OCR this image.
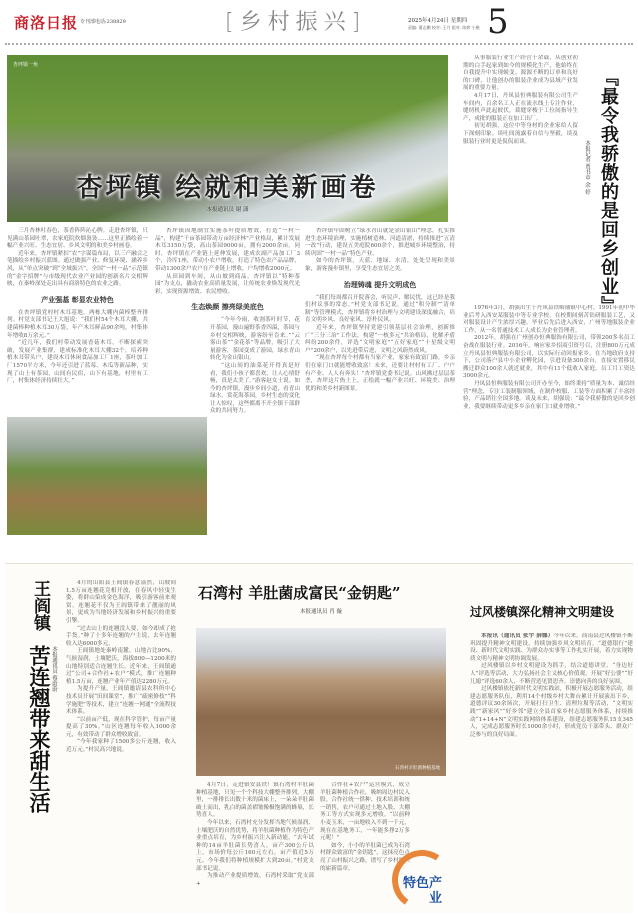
商洛日报 专刊部电话:238829	[乡村振兴]	2025年4月24日 星期四
责编: 董志鹏 校对: 王月 组对: 陈婷 小楷 5
杏坪镇一角
杏坪镇 绘就和美新画卷
本报通讯员 谢 潇

三月杏林吐春色，茶香阵阵沁心脾。走进杏坪镇，只见满山茶园吐翠，农家庭院炊烟袅袅……这里正描绘着一幅产业兴旺、生态宜居、乡风文明的和美乡村画卷。

近年来，杏坪镇紧扣“农”字谋篇布局，以三产融合之笔描绘乡村振兴蓝图。通过做强产业、修复环境、涵养乡风，从“单点突破”到“全域振兴”，全国“一村一品”示范镇的“金字招牌”与市级现代农业产业园的创新名片交相辉映，在秦岭深处走出具有商洛特色的农业之路。

产业强基 彰显农业特色

在杏坪镇党村村木耳基地，两栋大棚内菌棒整齐排列。村党支部书记王大旭说：“我们村54个木耳大棚，共建菌棒种植木耳30万袋，年产木耳鲜品90余吨，村集体年增收8万余元。”

“近几年，我们村带动发展香菇木耳，不断探索突破，发展产业集群，建成标准化木耳大棚32个，培养种植木耳带头户，建设木耳休闲食品加工厂1座，茶叶加工厂1570平方米，今年还引进了蓝莓、木瓜等新品种，实现了山上有茶园，山间有民宿，山下有基地，村里有工厂，村集体经济持续壮大。”

杏坪镇因地制宜实施茶叶提质增效，打造“一村一品”，构建“千亩茶园带动万亩经济林”产业格局，累计发展木耳3150万袋，高山茶园9000亩，拥有2000余亩。同时，杏坪镇在产业链上延伸发展，建成农副产品加工厂3个，冷库1座，带动小农户增收，打造了特色农产品品牌，带动1300余户农户在产业链上增收，户均增收2000元。

从田园到车间，从山坡到商品，杏坪镇以“特种茶园”为支点，撬动农业高质量发展，让传统农业焕发现代光彩，实现资源增效、农民增收。

生态焕颜 擦亮绿美底色

“今年今雨，收割茶叶时节，花开茶园，漫山遍野茶香四溢，茶园与乡村交相辉映，游客纷至沓来。”“云雾山茶”“金花茶”等品牌，吸引了大量游客，茶园变成了游园，绿水青山转化为金山银山。

“这山间的油菜花开得真是好看，我们小孩子都喜欢，让人心情舒畅，真是太美了。”游客赵女士说。如今的杏坪镇，漫步乡间小道，看青山绿水、赏花海茶园，乡村生态的变化让人惊叹，这些都离不开全镇干部群众的共同努力。

杏坪镇牢固树立“绿水青山就是金山银山”理念，扎实推进生态环境治理，实施植树造林、河道清淤，持续推进“五清一改”行动，建设五美庭院600余个，推进城乡环境整治，持续巩固“一村一品”特色产业。

如今的杏坪镇，天蓝、地绿、水清，处处呈现和美景象，游客漫步镇里，享受生态宜居之美。

治理铸魂 提升文明成色

“我们每周都召开院落会，听民声、解民忧，这已经是我们村议事的常态。”村党支部书记说。通过“积分制”“清单制”等管理模式，杏坪镇将乡村治理与文明建设深度融合，培育文明乡风、良好家风、淳朴民风。

近年来，杏坪镇坚持党建引领基层社会治理，创新推广“三分三治”工作法，构建“一核多元”共治格局，化解矛盾纠纷200余件，评选“文明家庭”“五好家庭”“十星级文明户”200余户，以先进带后进，文明之风蔚然成风。

“现在杏坪每个村都有当家产业，家家有致富门路，乡亲们在家门口就能增收致富！未来，还要让村村有工厂、户户有产业、人人有奔头！”杏坪镇党委书记说。山风拂过层层茶垄，杏坪这片热土上，正绘就一幅产业兴旺、环境美、治理优的和美乡村新图景。

从事服装行业生产经营十余载，从创业初期的白手起家到如今的规模化生产，他始终在自我提升中实现蜕变。源源不断的订单和良好的口碑，让他创办的服装企业成为县域产业发展的重要力量。

4月17日，丹凤县恒典服装有限公司生产车间内，百余名工人正在流水线上专注作业，缝纫机声此起彼伏，裁缝穿梭于工位间指导生产，成批的服装正在加工出厂。

初见胡强，这位中等身材的企业家给人留下深刻印象。谈吐间流露着自信与坚毅，谈及服装行业时更是侃侃而谈。	本报记者 贾书章 余 婷 『最令我骄傲的是回乡创业』

1976年3月，胡强出生于丹凤县铁峪铺镇中心村。1991年初中毕业后考入西安某服装中等专业学校，在校期间刻苦钻研服装工艺，又对服装设计产生浓厚兴趣。毕业后先后进入西安、广州等地服装企业工作，从一名普通技术工人成长为企业管理者。

2012年，胡强在广州创办恒典服饰有限公司，带领200多名员工奋战在服装行业。2016年，响应家乡招商引资号召，注册800万元成立丹凤县恒典服装有限公司，以实际行动回报家乡。在当地政府支持下，公司落户县中小企业孵化园，引进设备300余台，直接安置移民搬迁群众100余人就近就业，其中有11个低收入家庭，员工月工资达3000余元。

丹凤县恒典服装有限公司开办至今，始终秉持“质量为本、诚信经营”理念，专注工装制服领域，在制作校服、工装等方面积累了丰富经验，产品销往全国多地。谈及未来，胡强说：“最令我骄傲的是回乡创业，我要继续带动更多乡亲在家门口就业增收。”

王阎镇
苦连翘带来甜生活 本报通讯员 蔡蔚蔚

4月的山阳县王阎镇春意盎然，山坡间1.5万亩连翘花竞相开放，在春风中轻曳生姿，将群山染成金色海洋，吸引游客前来观赏。连翘花不仅为王阎镇带来了靓丽的风景，更成为当地经济发展和乡村振兴的重要引擎。

“过去山上的连翘没人要，如今却成了抢手货。”种了十多年连翘的户主说，去年连翘收入达6000多元。

王阎镇地处秦岭南麓，山地占比90%，气候湿润，土壤肥沃，海拔800—1200米的山地特别适合连翘生长。近年来，王阎镇通过“公司+合作社+农户”模式，推广连翘种植1.5万亩，连翘产业年产值达2280万元。

为提升产量，王阎镇邀请县农科所中心技术员开展“田间课堂”，推广“疏密修枝”“科学施肥”等技术，建立“连翘一网通”全流程技术体系。

“以前亩产低，现在科学管护，每亩产量提高了30%。”山区连翘每年收入1000余元，有效带动了群众增收致富。

“今年我家种了1500多公斤连翘，收入近万元。”村民高兴地说。

石湾村 羊肚菌成富民“金钥匙”
本报通讯员 肖 璇
石湾村羊肚菌种植基地

4月7日，走进镇安县铁厂镇石湾村羊肚菌种植基地，只见一个个科技大棚整齐排列。大棚里，一排排长出数十米的菌床上，一朵朵羊肚菌破土而出，乳白的菌盖褶皱像极饱满的蜂巢，长势喜人。

今年以来，石湾村充分发挥当地气候湿润、土壤肥沃的自然优势，将羊肚菌种植作为特色产业重点培育，为乡村振兴注入新动能。“去年试种的14亩羊肚菌长势喜人，亩产300公斤以上，市场价每公斤160元左右，亩产值近5万元。今年我们将种植规模扩大到20亩。”村党支部书记说。

为推动产业提质增效，石湾村采取“党支部+

合作社+农户”运营模式，成立羊肚菌种植合作社，吸纳周边村民入股。合作社统一供种、技术培训和统一销售，农户可通过土地入股、大棚务工等方式实现多元增收。“以前种小麦玉米，一亩地收入不到一千元，现在在基地务工，一年能多挣2万多元呢！”

如今，小小的羊肚菌已成为石湾村群众致富的“金钥匙”，这抹亮色点亮了山村振兴之路，谱写了乡村振兴的崭新篇章。

特色产业
过风楼镇深化精神文明建设

本报讯（通讯员 张宇 薛娜）今年以来，商南县过风楼镇不断巩固提升精神文明建设，持续加强乡风文明培育，“道德银行”建设、新时代文明实践、为群众办实事等工作扎实开展，着力实现物质文明与精神文明协调发展。

过风楼镇以乡村文明建设为抓手，结合道德讲堂、“身边好人”评选等活动，大力弘扬社会主义核心价值观。开展“好公婆”“好儿媳”评选60余人，不断营造见贤思齐、崇德向善的良好氛围。

过风楼镇依托新时代文明实践站，积极开展志愿服务活动，组建志愿服务队伍，利用14个村级乡村大舞台累计开展演出下乡、道德评议30余场次，开展打扫卫生、清理垃圾等活动，“文明实践”“新家风”“好乡邻”建立全县首家乡村志愿服务体系，持续推动“1+14+N”文明实践网络体系建设，组建志愿服务队15支345人，完成志愿服务时长1000余小时，形成党员干部带头、群众广泛参与的良好局面。
